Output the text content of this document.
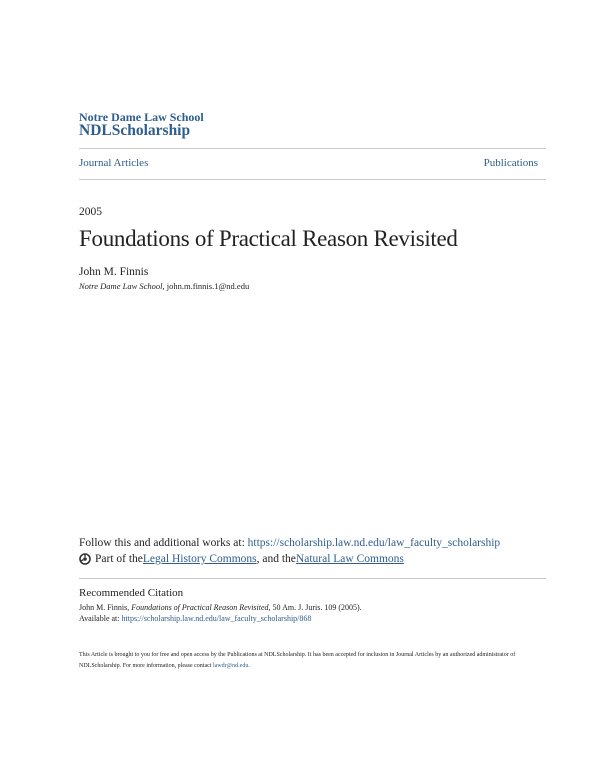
Notre Dame Law School
NDLScholarship
Journal Articles	Publications
2005
Foundations of Practical Reason Revisited
John M. Finnis
Notre Dame Law School, john.m.finnis.1@nd.edu
Follow this and additional works at: https://scholarship.law.nd.edu/law_faculty_scholarship
Part of the Legal History Commons , and the Natural Law Commons
Recommended Citation
John M. Finnis, Foundations of Practical Reason Revisited, 50 Am. J. Juris. 109 (2005).
Available at: https://scholarship.law.nd.edu/law_faculty_scholarship/868
This Article is brought to you for free and open access by the Publications at NDLScholarship. It has been accepted for inclusion in Journal Articles by an authorized administrator of NDLScholarship. For more information, please contact lawdr@nd.edu.
